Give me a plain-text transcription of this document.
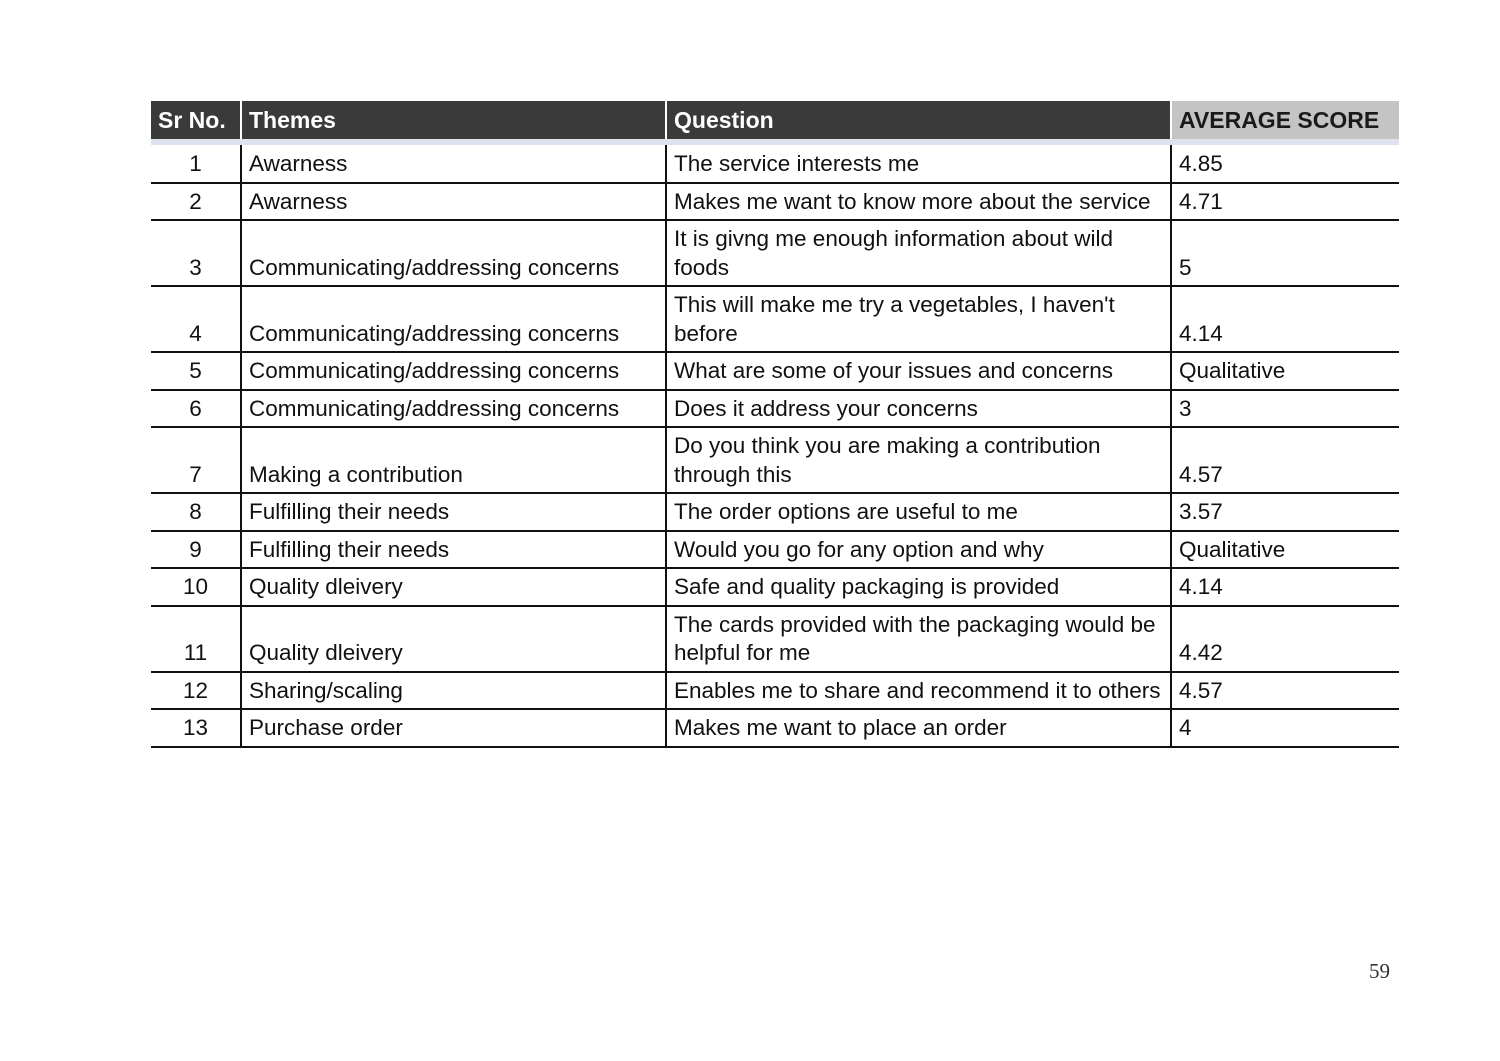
Sr No.	Themes	Question	AVERAGE SCORE
1	Awarness	The service interests me	4.85
2	Awarness	Makes me want to know more about the service	4.71
3	Communicating/addressing concerns	It is givng me enough information about wild foods	5
4	Communicating/addressing concerns	This will make me try a vegetables, I haven't before	4.14
5	Communicating/addressing concerns	What are some of your issues and concerns	Qualitative
6	Communicating/addressing concerns	Does it address your concerns	3
7	Making a contribution	Do you think you are making a contribution through this	4.57
8	Fulfilling their needs	The order options are useful to me	3.57
9	Fulfilling their needs	Would you go for any option and why	Qualitative
10	Quality dleivery	Safe and quality packaging is provided	4.14
11	Quality dleivery	The cards provided with the packaging would be helpful for me	4.42
12	Sharing/scaling	Enables me to share and recommend it to others	4.57
13	Purchase order	Makes me want to place an order	4
59
